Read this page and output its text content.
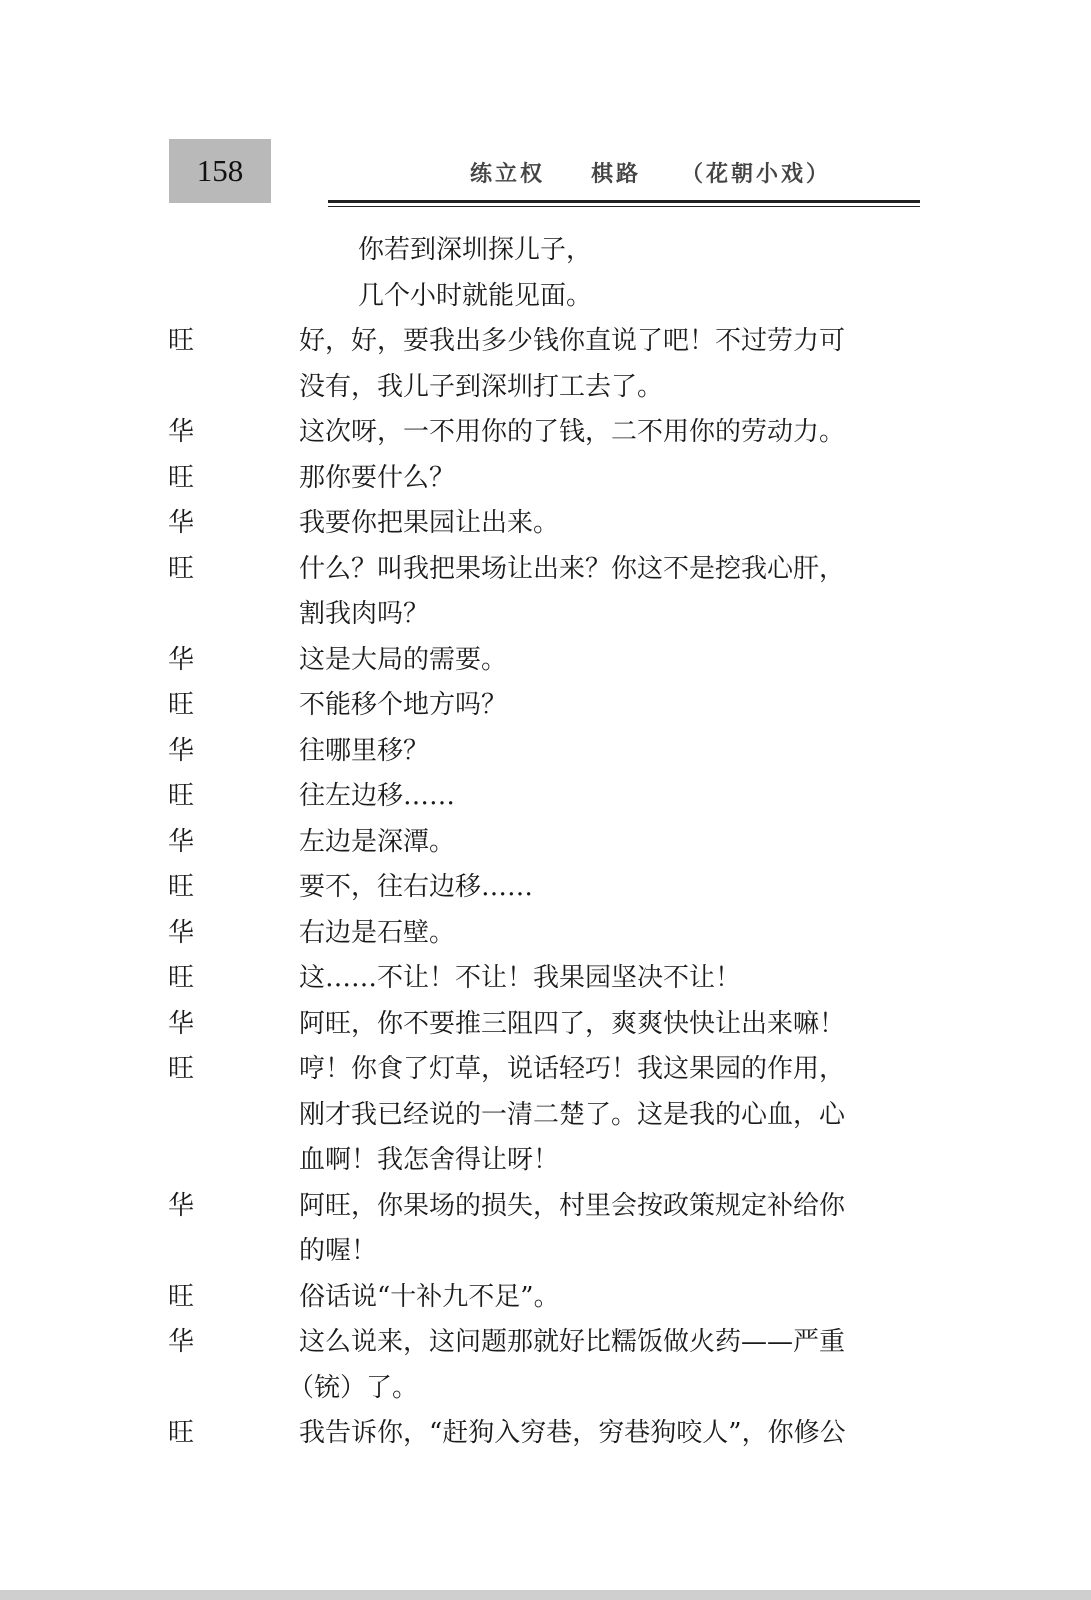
158	练立权 棋路 （花朝小戏）
你若到深圳探儿子，
几个小时就能见面。
旺	好，好，要我出多少钱你直说了吧！不过劳力可
没有，我儿子到深圳打工去了。
华	这次呀，一不用你的了钱，二不用你的劳动力。
旺	那你要什么？
华	我要你把果园让出来。
旺	什么？叫我把果场让出来？你这不是挖我心肝，
割我肉吗？
华	这是大局的需要。
旺	不能移个地方吗？
华	往哪里移？
旺	往左边移……
华	左边是深潭。
旺	要不，往右边移……
华	右边是石壁。
旺	这……不让！不让！我果园坚决不让！
华	阿旺，你不要推三阻四了，爽爽快快让出来嘛！
旺	哼！你食了灯草，说话轻巧！我这果园的作用，
刚才我已经说的一清二楚了。这是我的心血，心
血啊！我怎舍得让呀！
华	阿旺，你果场的损失，村里会按政策规定补给你
的喔！
旺	俗话说“十补九不足”。
华	这么说来，这问题那就好比糯饭做火药——严重
（铳）了。
旺	我告诉你，“赶狗入穷巷，穷巷狗咬人”，你修公
